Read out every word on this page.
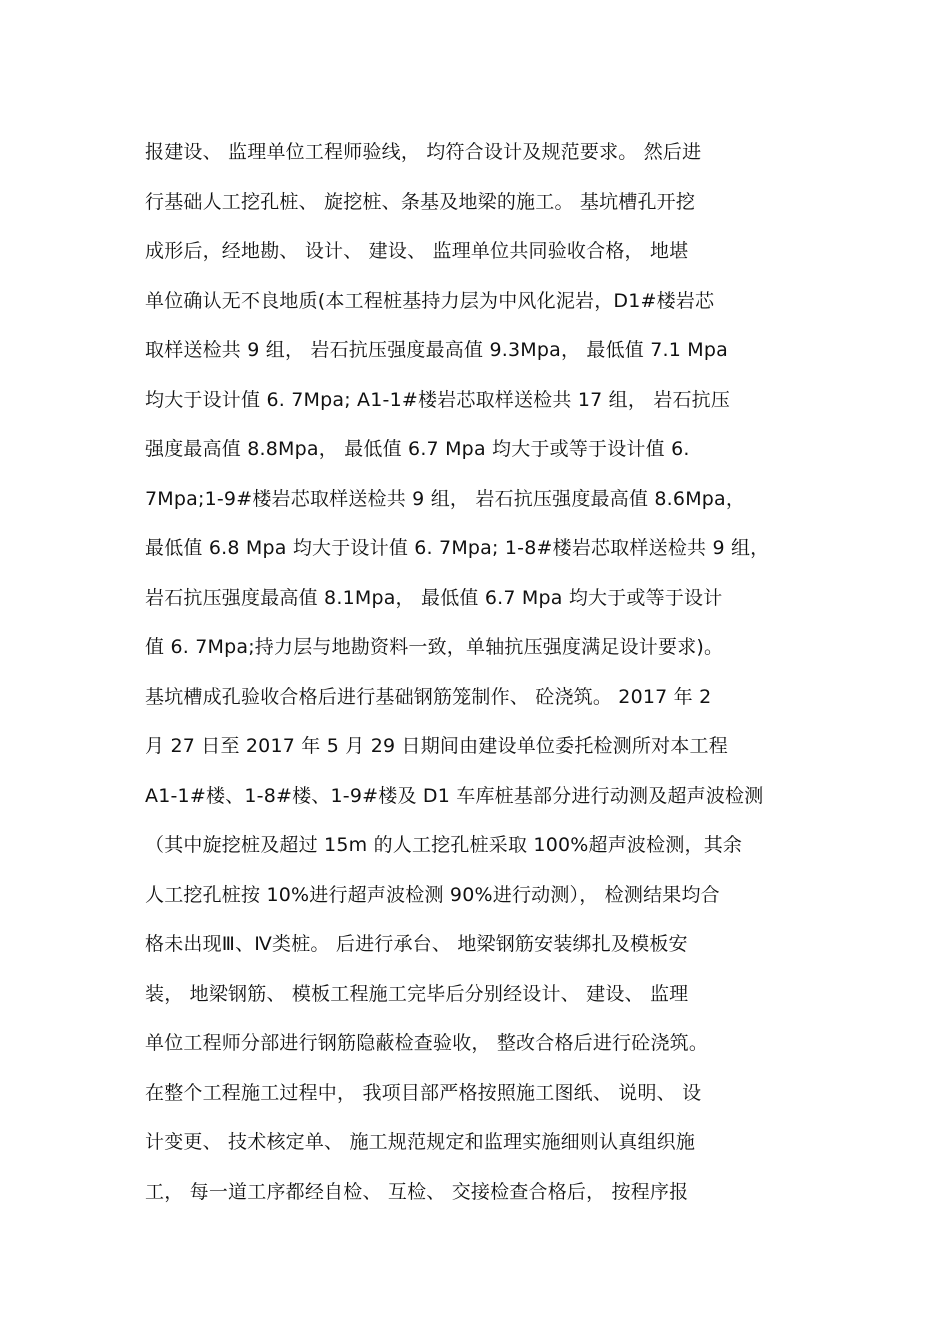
报建设、 监理单位工程师验线， 均符合设计及规范要求。 然后进
行基础人工挖孔桩、 旋挖桩、条基及地梁的施工。 基坑槽孔开挖
成形后，经地勘、 设计、 建设、 监理单位共同验收合格， 地堪
单位确认无不良地质(本工程桩基持力层为中风化泥岩，D1#楼岩芯
取样送检共 9 组， 岩石抗压强度最高值 9.3Mpa， 最低值 7.1 Mpa
均大于设计值 6. 7Mpa; A1-1#楼岩芯取样送检共 17 组， 岩石抗压
强度最高值 8.8Mpa， 最低值 6.7 Mpa 均大于或等于设计值 6.
7Mpa;1-9#楼岩芯取样送检共 9 组， 岩石抗压强度最高值 8.6Mpa，
最低值 6.8 Mpa 均大于设计值 6. 7Mpa; 1-8#楼岩芯取样送检共 9 组，
岩石抗压强度最高值 8.1Mpa， 最低值 6.7 Mpa 均大于或等于设计
值 6. 7Mpa;持力层与地勘资料一致，单轴抗压强度满足设计要求)。
基坑槽成孔验收合格后进行基础钢筋笼制作、 砼浇筑。 2017 年 2
月 27 日至 2017 年 5 月 29 日期间由建设单位委托检测所对本工程
A1-1#楼、1-8#楼、1-9#楼及 D1 车库桩基部分进行动测及超声波检测
（其中旋挖桩及超过 15m 的人工挖孔桩采取 100%超声波检测，其余
人工挖孔桩按 10%进行超声波检测 90%进行动测）， 检测结果均合
格未出现Ⅲ、Ⅳ类桩。 后进行承台、 地梁钢筋安装绑扎及模板安
装， 地梁钢筋、 模板工程施工完毕后分别经设计、 建设、 监理
单位工程师分部进行钢筋隐蔽检查验收， 整改合格后进行砼浇筑。
在整个工程施工过程中， 我项目部严格按照施工图纸、 说明、 设
计变更、 技术核定单、 施工规范规定和监理实施细则认真组织施
工， 每一道工序都经自检、 互检、 交接检查合格后， 按程序报
